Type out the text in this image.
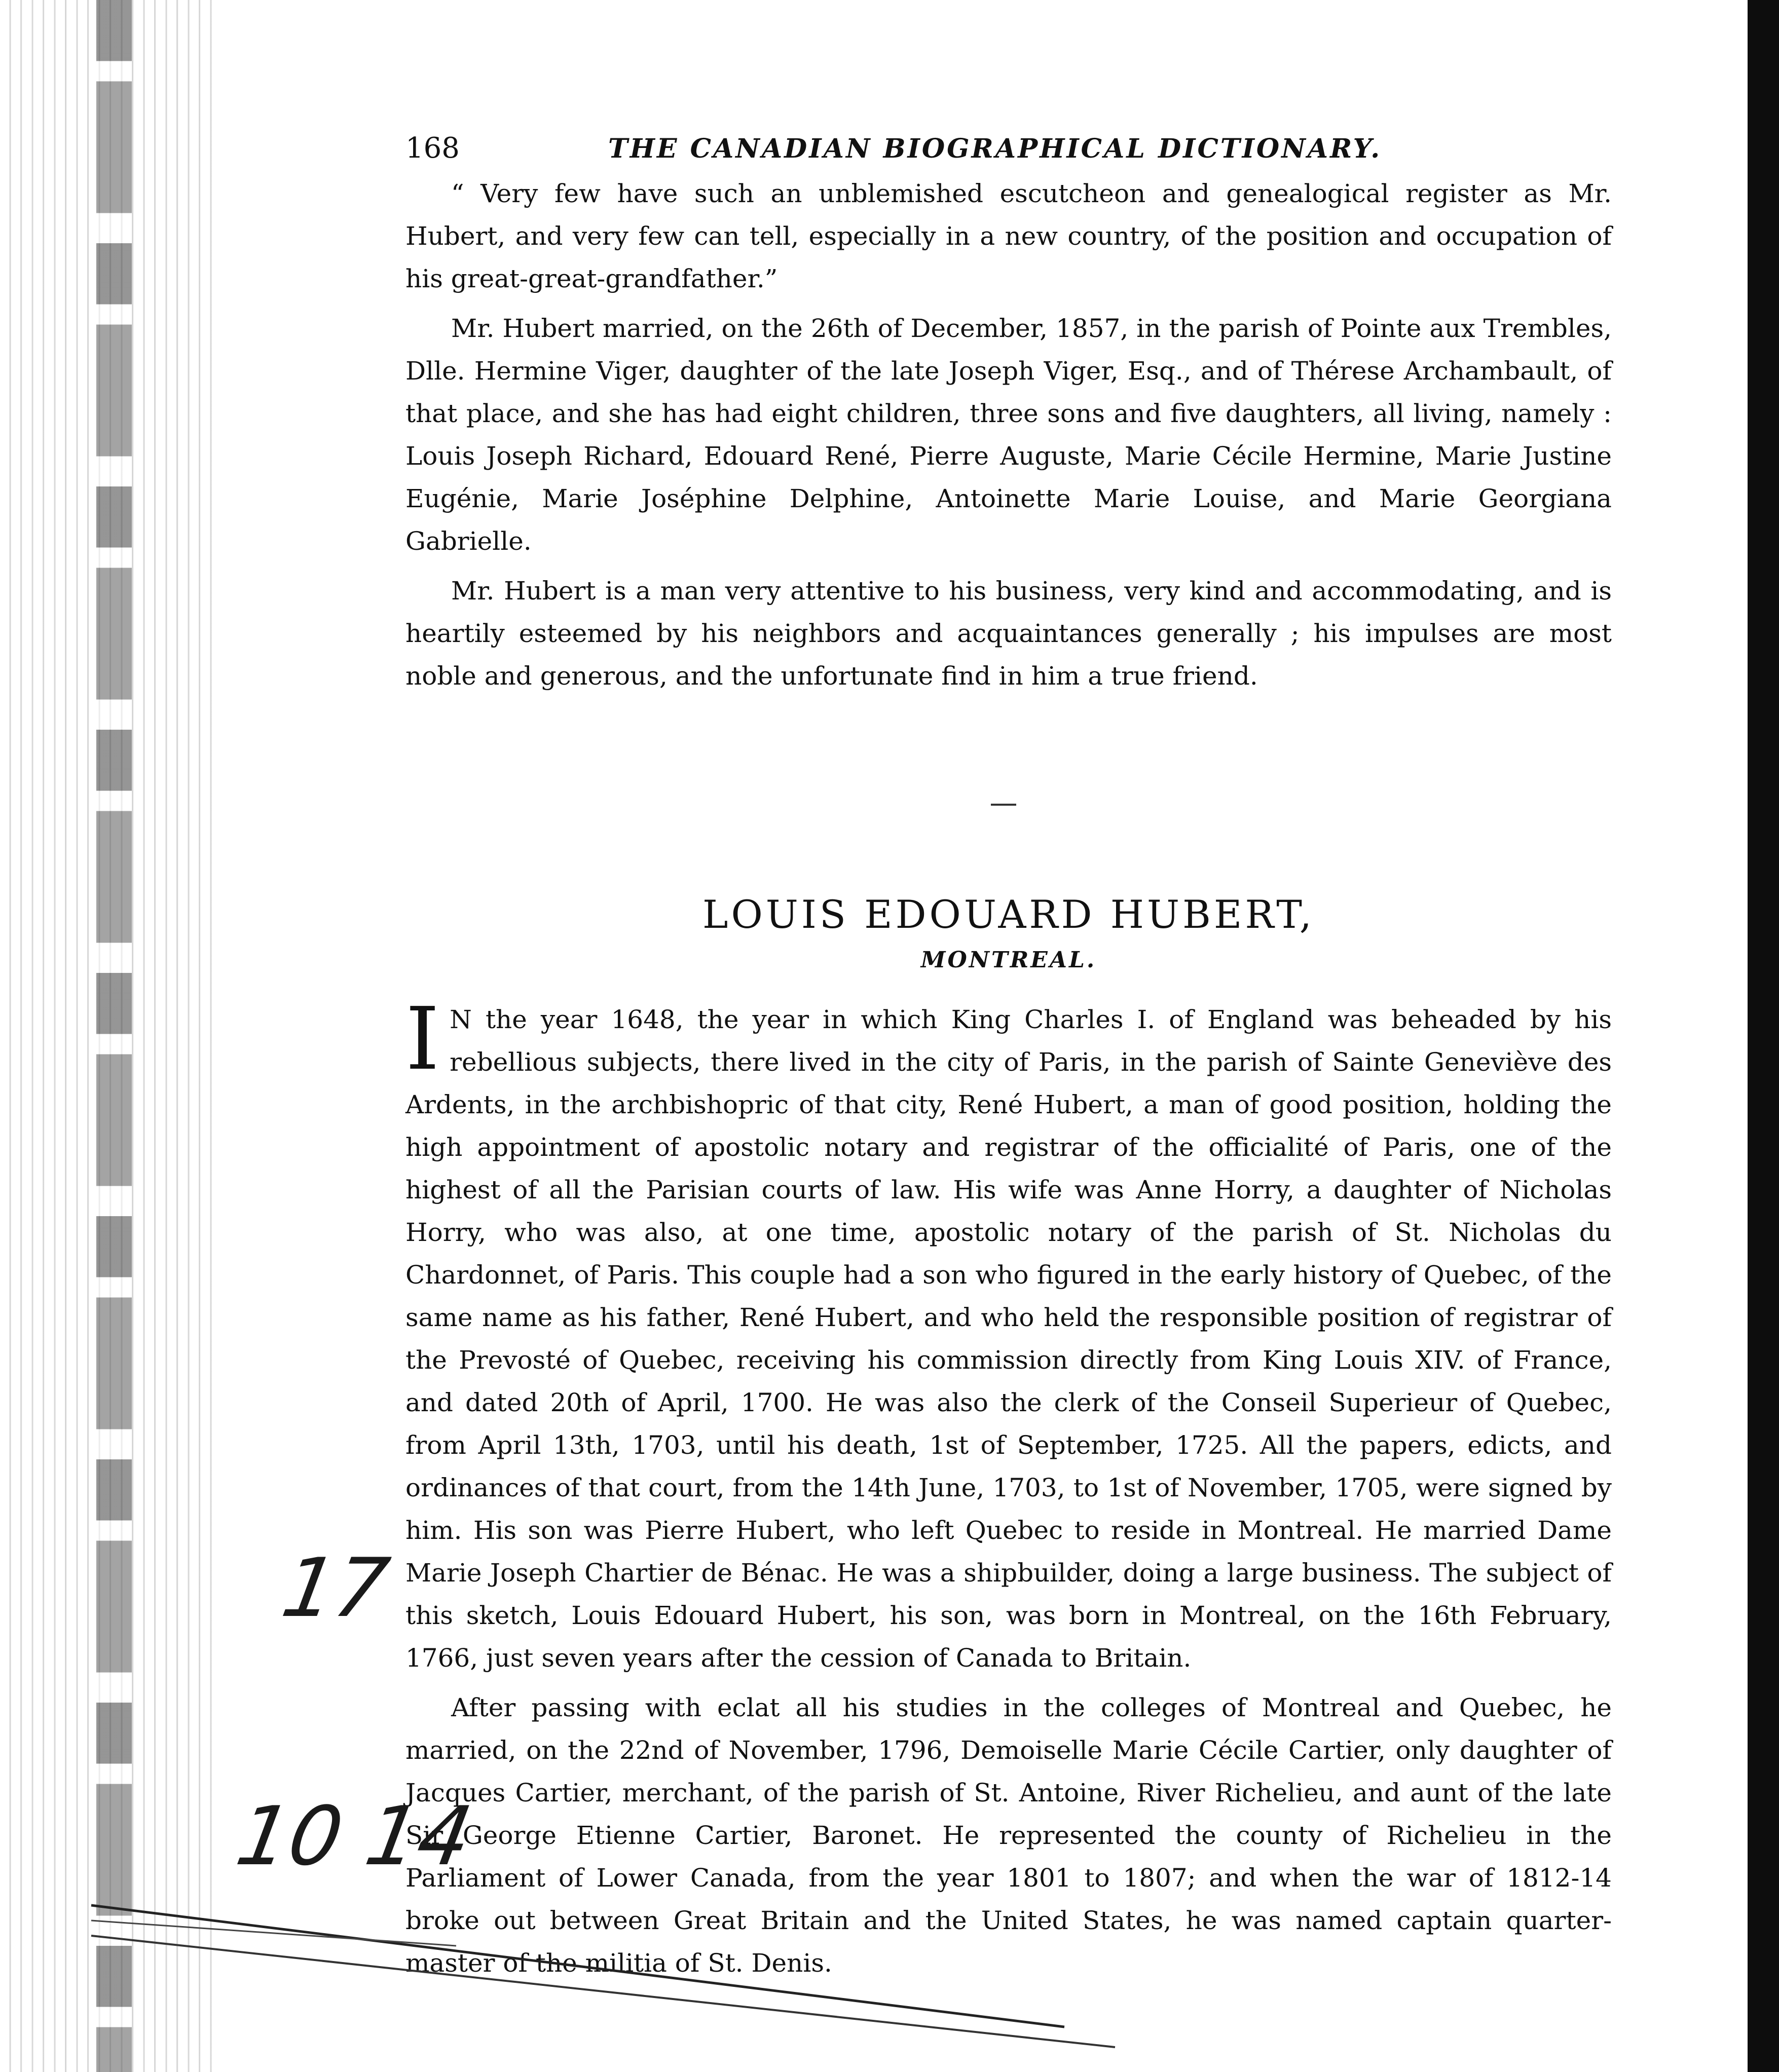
168	THE CANADIAN BIOGRAPHICAL DICTIONARY.

“ Very few have such an unblemished escutcheon and genealogical register as Mr. Hubert, and very few can tell, especially in a new country, of the position and occupation of his great-great-grandfather.”

Mr. Hubert married, on the 26th of December, 1857, in the parish of Pointe aux Trembles, Dlle. Hermine Viger, daughter of the late Joseph Viger, Esq., and of Thérese Archambault, of that place, and she has had eight children, three sons and five daughters, all living, namely : Louis Joseph Richard, Edouard René, Pierre Auguste, Marie Cécile Hermine, Marie Justine Eugénie, Marie Joséphine Delphine, Antoinette Marie Louise, and Marie Georgiana Gabrielle.

Mr. Hubert is a man very attentive to his business, very kind and accommodating, and is heartily esteemed by his neighbors and acquaintances generally ; his impulses are most noble and generous, and the unfortunate find in him a true friend.

LOUIS EDOUARD HUBERT,
MONTREAL.

I N the year 1648, the year in which King Charles I. of England was beheaded by his rebellious subjects, there lived in the city of Paris, in the parish of Sainte Geneviève des Ardents, in the archbishopric of that city, René Hubert, a man of good position, holding the high appointment of apostolic notary and registrar of the officialité of Paris, one of the highest of all the Parisian courts of law. His wife was Anne Horry, a daughter of Nicholas Horry, who was also, at one time, apostolic notary of the parish of St. Nicholas du Chardonnet, of Paris. This couple had a son who figured in the early history of Quebec, of the same name as his father, René Hubert, and who held the responsible position of registrar of the Prevosté of Quebec, receiving his commission directly from King Louis XIV. of France, and dated 20th of April, 1700. He was also the clerk of the Conseil Superieur of Quebec, from April 13th, 1703, until his death, 1st of September, 1725. All the papers, edicts, and ordinances of that court, from the 14th June, 1703, to 1st of November, 1705, were signed by him. His son was Pierre Hubert, who left Quebec to reside in Montreal. He married Dame Marie Joseph Chartier de Bénac. He was a shipbuilder, doing a large business. The subject of this sketch, Louis Edouard Hubert, his son, was born in Montreal, on the 16th February, 1766, just seven years after the cession of Canada to Britain.

After passing with eclat all his studies in the colleges of Montreal and Quebec, he married, on the 22nd of November, 1796, Demoiselle Marie Cécile Cartier, only daughter of Jacques Cartier, merchant, of the parish of St. Antoine, River Richelieu, and aunt of the late Sir George Etienne Cartier, Baronet. He represented the county of Richelieu in the Parliament of Lower Canada, from the year 1801 to 1807; and when the war of 1812-14 broke out between Great Britain and the United States, he was named captain quarter-master of the militia of St. Denis.

17
10 14
